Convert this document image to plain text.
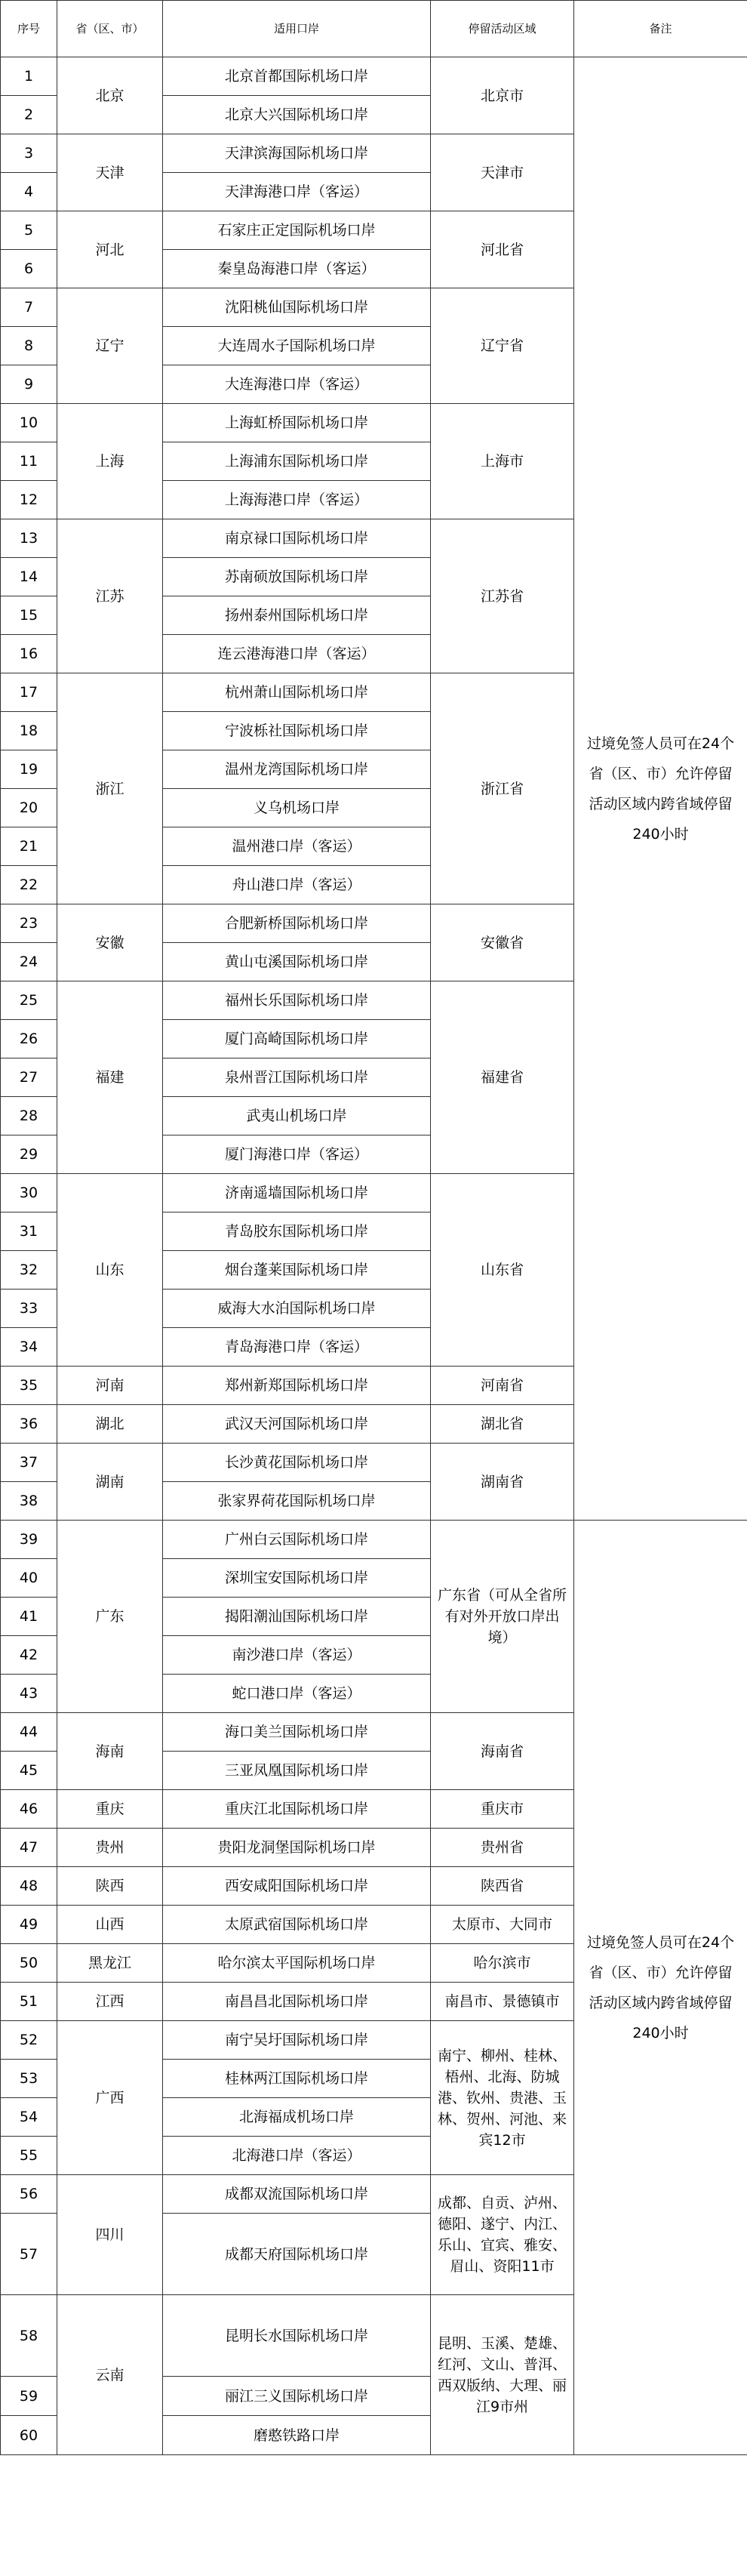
序号	省（区、市）	适用口岸	停留活动区域	备注
1	北京	北京首都国际机场口岸	北京市	过境免签人员可在24个省（区、市）允许停留活动区域内跨省域停留240小时
2		北京大兴国际机场口岸		
3	天津	天津滨海国际机场口岸	天津市	
4		天津海港口岸（客运）		
5	河北	石家庄正定国际机场口岸	河北省	
6		秦皇岛海港口岸（客运）		
7	辽宁	沈阳桃仙国际机场口岸	辽宁省	
8		大连周水子国际机场口岸		
9		大连海港口岸（客运）		
10	上海	上海虹桥国际机场口岸	上海市	
11		上海浦东国际机场口岸		
12		上海海港口岸（客运）		
13	江苏	南京禄口国际机场口岸	江苏省	
14		苏南硕放国际机场口岸		
15		扬州泰州国际机场口岸		
16		连云港海港口岸（客运）		
17	浙江	杭州萧山国际机场口岸	浙江省	
18		宁波栎社国际机场口岸		
19		温州龙湾国际机场口岸		
20		义乌机场口岸		
21		温州港口岸（客运）		
22		舟山港口岸（客运）		
23	安徽	合肥新桥国际机场口岸	安徽省	
24		黄山屯溪国际机场口岸		
25	福建	福州长乐国际机场口岸	福建省	
26		厦门高崎国际机场口岸		
27		泉州晋江国际机场口岸		
28		武夷山机场口岸		
29		厦门海港口岸（客运）		
30	山东	济南遥墙国际机场口岸	山东省	
31		青岛胶东国际机场口岸		
32		烟台蓬莱国际机场口岸		
33		威海大水泊国际机场口岸		
34		青岛海港口岸（客运）		
35	河南	郑州新郑国际机场口岸	河南省	
36	湖北	武汉天河国际机场口岸	湖北省	
37	湖南	长沙黄花国际机场口岸	湖南省	
38		张家界荷花国际机场口岸		
39	广东	广州白云国际机场口岸	广东省（可从全省所有对外开放口岸出境）	过境免签人员可在24个省（区、市）允许停留活动区域内跨省域停留240小时
40		深圳宝安国际机场口岸		
41		揭阳潮汕国际机场口岸		
42		南沙港口岸（客运）		
43		蛇口港口岸（客运）		
44	海南	海口美兰国际机场口岸	海南省	
45		三亚凤凰国际机场口岸		
46	重庆	重庆江北国际机场口岸	重庆市	
47	贵州	贵阳龙洞堡国际机场口岸	贵州省	
48	陕西	西安咸阳国际机场口岸	陕西省	
49	山西	太原武宿国际机场口岸	太原市、大同市	
50	黑龙江	哈尔滨太平国际机场口岸	哈尔滨市	
51	江西	南昌昌北国际机场口岸	南昌市、景德镇市	
52	广西	南宁吴圩国际机场口岸	南宁、柳州、桂林、梧州、北海、防城港、钦州、贵港、玉林、贺州、河池、来宾12市	
53		桂林两江国际机场口岸		
54		北海福成机场口岸		
55		北海港口岸（客运）		
56	四川	成都双流国际机场口岸	成都、自贡、泸州、德阳、遂宁、内江、乐山、宜宾、雅安、眉山、资阳11市	
57		成都天府国际机场口岸		
58	云南	昆明长水国际机场口岸	昆明、玉溪、楚雄、红河、文山、普洱、西双版纳、大理、丽江9市州	
59		丽江三义国际机场口岸		
60		磨憨铁路口岸		
